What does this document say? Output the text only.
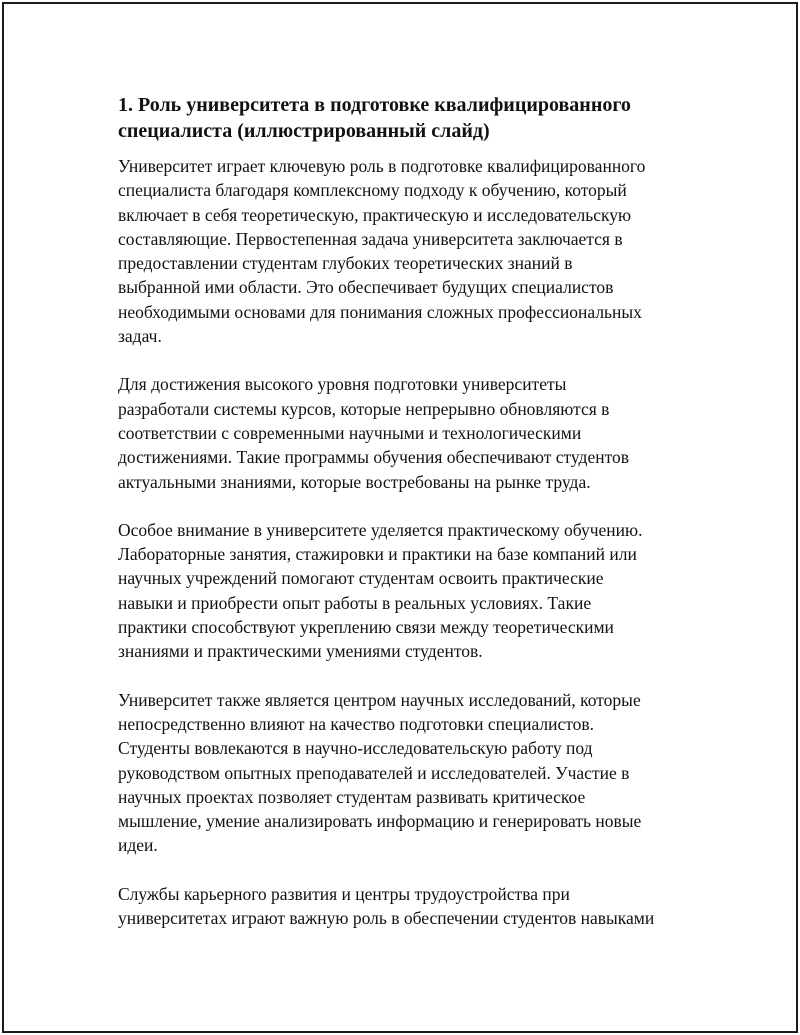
1. Роль университета в подготовке квалифицированного
специалиста (иллюстрированный слайд)

Университет играет ключевую роль в подготовке квалифицированного
специалиста благодаря комплексному подходу к обучению, который
включает в себя теоретическую, практическую и исследовательскую
составляющие. Первостепенная задача университета заключается в
предоставлении студентам глубоких теоретических знаний в
выбранной ими области. Это обеспечивает будущих специалистов
необходимыми основами для понимания сложных профессиональных
задач.

Для достижения высокого уровня подготовки университеты
разработали системы курсов, которые непрерывно обновляются в
соответствии с современными научными и технологическими
достижениями. Такие программы обучения обеспечивают студентов
актуальными знаниями, которые востребованы на рынке труда.

Особое внимание в университете уделяется практическому обучению.
Лабораторные занятия, стажировки и практики на базе компаний или
научных учреждений помогают студентам освоить практические
навыки и приобрести опыт работы в реальных условиях. Такие
практики способствуют укреплению связи между теоретическими
знаниями и практическими умениями студентов.

Университет также является центром научных исследований, которые
непосредственно влияют на качество подготовки специалистов.
Студенты вовлекаются в научно-исследовательскую работу под
руководством опытных преподавателей и исследователей. Участие в
научных проектах позволяет студентам развивать критическое
мышление, умение анализировать информацию и генерировать новые
идеи.

Службы карьерного развития и центры трудоустройства при
университетах играют важную роль в обеспечении студентов навыками
